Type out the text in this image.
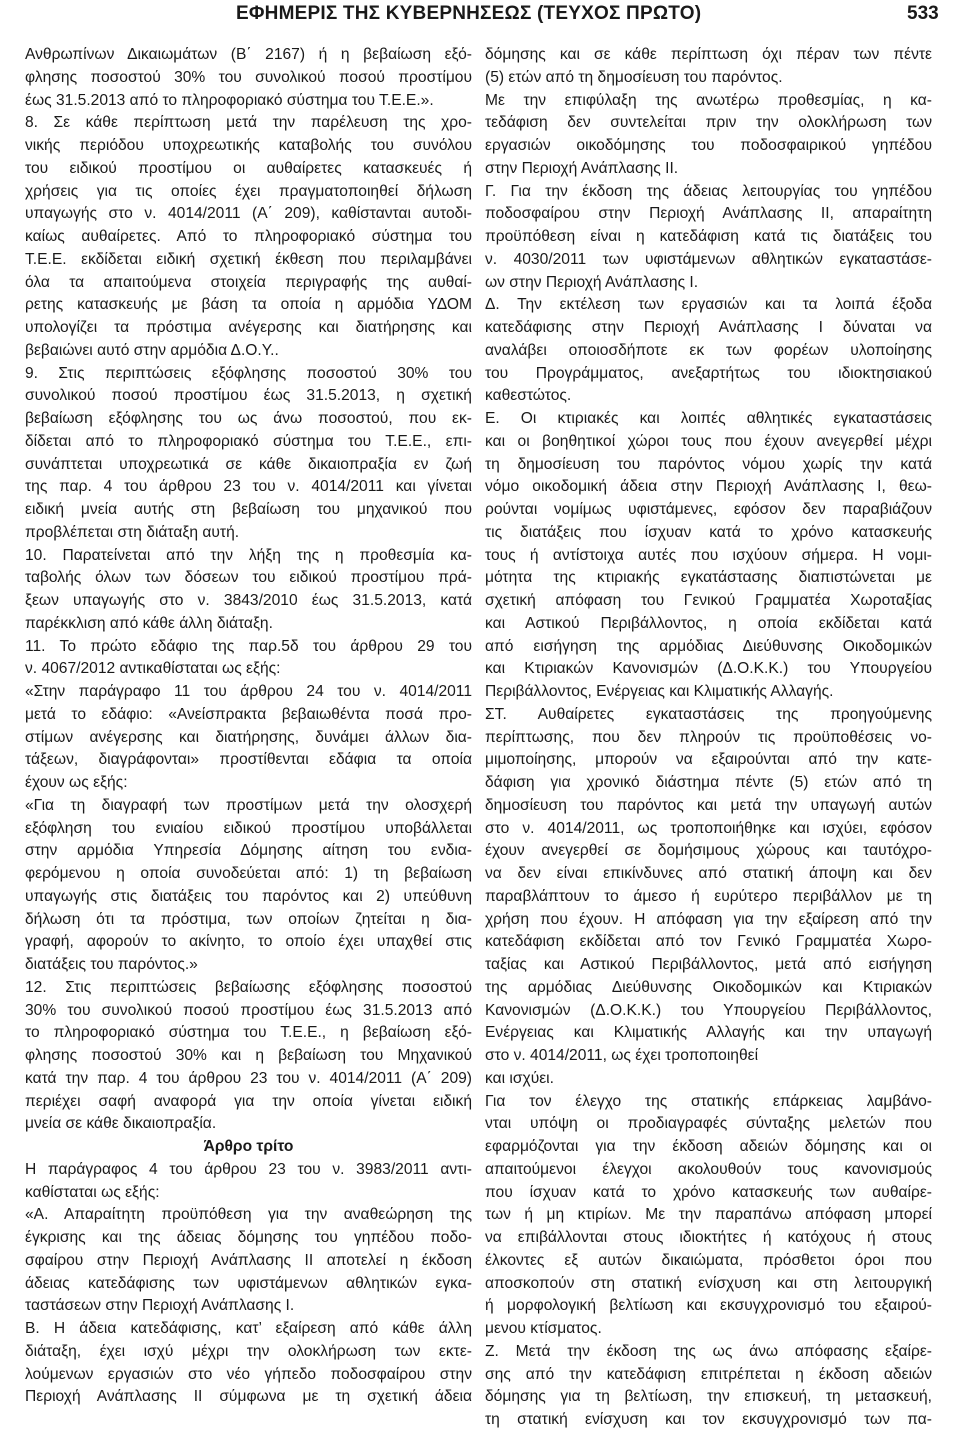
ΕΦΗΜΕΡΙΣ ΤΗΣ ΚΥΒΕΡΝΗΣΕΩΣ (ΤΕΥΧΟΣ ΠΡΩΤΟ)	533
Ανθρωπίνων Δικαιωμάτων (Β΄ 2167) ή η βεβαίωση εξό-
φλησης ποσοστού 30% του συνολικού ποσού προστίμου
έως 31.5.2013 από το πληροφοριακό σύστημα του Τ.Ε.Ε.».
8. Σε κάθε περίπτωση μετά την παρέλευση της χρο-
νικής περιόδου υποχρεωτικής καταβολής του συνόλου
του ειδικού προστίμου οι αυθαίρετες κατασκευές ή
χρήσεις για τις οποίες έχει πραγματοποιηθεί δήλωση
υπαγωγής στο ν. 4014/2011 (Α΄ 209), καθίστανται αυτοδι-
καίως αυθαίρετες. Από το πληροφοριακό σύστημα του
Τ.Ε.Ε. εκδίδεται ειδική σχετική έκθεση που περιλαμβάνει
όλα τα απαιτούμενα στοιχεία περιγραφής της αυθαί-
ρετης κατασκευής με βάση τα οποία η αρμόδια ΥΔΟΜ
υπολογίζει τα πρόστιμα ανέγερσης και διατήρησης και
βεβαιώνει αυτό στην αρμόδια Δ.Ο.Υ..
9. Στις περιπτώσεις εξόφλησης ποσοστού 30% του
συνολικού ποσού προστίμου έως 31.5.2013, η σχετική
βεβαίωση εξόφλησης του ως άνω ποσοστού, που εκ-
δίδεται από το πληροφοριακό σύστημα του Τ.Ε.Ε., επι-
συνάπτεται υποχρεωτικά σε κάθε δικαιοπραξία εν ζωή
της παρ. 4 του άρθρου 23 του ν. 4014/2011 και γίνεται
ειδική μνεία αυτής στη βεβαίωση του μηχανικού που
προβλέπεται στη διάταξη αυτή.
10. Παρατείνεται από την λήξη της η προθεσμία κα-
ταβολής όλων των δόσεων του ειδικού προστίμου πρά-
ξεων υπαγωγής στο ν. 3843/2010 έως 31.5.2013, κατά
παρέκκλιση από κάθε άλλη διάταξη.
11. Το πρώτο εδάφιο της παρ.5δ του άρθρου 29 του
ν. 4067/2012 αντικαθίσταται ως εξής:
«Στην παράγραφο 11 του άρθρου 24 του ν. 4014/2011
μετά το εδάφιο: «Ανείσπρακτα βεβαιωθέντα ποσά προ-
στίμων ανέγερσης και διατήρησης, δυνάμει άλλων δια-
τάξεων, διαγράφονται» προστίθενται εδάφια τα οποία
έχουν ως εξής:
«Για τη διαγραφή των προστίμων μετά την ολοσχερή
εξόφληση του ενιαίου ειδικού προστίμου υποβάλλεται
στην αρμόδια Υπηρεσία Δόμησης αίτηση του ενδια-
φερόμενου η οποία συνοδεύεται από: 1) τη βεβαίωση
υπαγωγής στις διατάξεις του παρόντος και 2) υπεύθυνη
δήλωση ότι τα πρόστιμα, των οποίων ζητείται η δια-
γραφή, αφορούν το ακίνητο, το οποίο έχει υπαχθεί στις
διατάξεις του παρόντος.»
12. Στις περιπτώσεις βεβαίωσης εξόφλησης ποσοστού
30% του συνολικού ποσού προστίμου έως 31.5.2013 από
το πληροφοριακό σύστημα του Τ.Ε.Ε., η βεβαίωση εξό-
φλησης ποσοστού 30% και η βεβαίωση του Μηχανικού
κατά την παρ. 4 του άρθρου 23 του ν. 4014/2011 (Α΄ 209)
περιέχει σαφή αναφορά για την οποία γίνεται ειδική
μνεία σε κάθε δικαιοπραξία.
Άρθρο τρίτο
Η παράγραφος 4 του άρθρου 23 του ν. 3983/2011 αντι-
καθίσταται ως εξής:
«Α. Απαραίτητη προϋπόθεση για την αναθεώρηση της
έγκρισης και της άδειας δόμησης του γηπέδου ποδο-
σφαίρου στην Περιοχή Ανάπλασης ΙΙ αποτελεί η έκδοση
άδειας κατεδάφισης των υφιστάμενων αθλητικών εγκα-
ταστάσεων στην Περιοχή Ανάπλασης Ι.
Β. Η άδεια κατεδάφισης, κατ’ εξαίρεση από κάθε άλλη
διάταξη, έχει ισχύ μέχρι την ολοκλήρωση των εκτε-
λούμενων εργασιών στο νέο γήπεδο ποδοσφαίρου στην
Περιοχή Ανάπλασης ΙΙ σύμφωνα με τη σχετική άδεια
δόμησης και σε κάθε περίπτωση όχι πέραν των πέντε
(5) ετών από τη δημοσίευση του παρόντος.
Με την επιφύλαξη της ανωτέρω προθεσμίας, η κα-
τεδάφιση δεν συντελείται πριν την ολοκλήρωση των
εργασιών οικοδόμησης του ποδοσφαιρικού γηπέδου
στην Περιοχή Ανάπλασης ΙΙ.
Γ. Για την έκδοση της άδειας λειτουργίας του γηπέδου
ποδοσφαίρου στην Περιοχή Ανάπλασης ΙΙ, απαραίτητη
προϋπόθεση είναι η κατεδάφιση κατά τις διατάξεις του
ν. 4030/2011 των υφιστάμενων αθλητικών εγκαταστάσε-
ων στην Περιοχή Ανάπλασης Ι.
Δ. Την εκτέλεση των εργασιών και τα λοιπά έξοδα
κατεδάφισης στην Περιοχή Ανάπλασης Ι δύναται να
αναλάβει οποιοσδήποτε εκ των φορέων υλοποίησης
του Προγράμματος, ανεξαρτήτως του ιδιοκτησιακού
καθεστώτος.
Ε. Οι κτιριακές και λοιπές αθλητικές εγκαταστάσεις
και οι βοηθητικοί χώροι τους που έχουν ανεγερθεί μέχρι
τη δημοσίευση του παρόντος νόμου χωρίς την κατά
νόμο οικοδομική άδεια στην Περιοχή Ανάπλασης Ι, θεω-
ρούνται νομίμως υφιστάμενες, εφόσον δεν παραβιάζουν
τις διατάξεις που ίσχυαν κατά το χρόνο κατασκευής
τους ή αντίστοιχα αυτές που ισχύουν σήμερα. Η νομι-
μότητα της κτιριακής εγκατάστασης διαπιστώνεται με
σχετική απόφαση του Γενικού Γραμματέα Χωροταξίας
και Αστικού Περιβάλλοντος, η οποία εκδίδεται κατά
από εισήγηση της αρμόδιας Διεύθυνσης Οικοδομικών
και Κτιριακών Κανονισμών (Δ.Ο.Κ.Κ.) του Υπουργείου
Περιβάλλοντος, Ενέργειας και Κλιματικής Αλλαγής.
ΣΤ. Αυθαίρετες εγκαταστάσεις της προηγούμενης
περίπτωσης, που δεν πληρούν τις προϋποθέσεις νο-
μιμοποίησης, μπορούν να εξαιρούνται από την κατε-
δάφιση για χρονικό διάστημα πέντε (5) ετών από τη
δημοσίευση του παρόντος και μετά την υπαγωγή αυτών
στο ν. 4014/2011, ως τροποποιήθηκε και ισχύει, εφόσον
έχουν ανεγερθεί σε δομήσιμους χώρους και ταυτόχρο-
να δεν είναι επικίνδυνες από στατική άποψη και δεν
παραβλάπτουν το άμεσο ή ευρύτερο περιβάλλον με τη
χρήση που έχουν. Η απόφαση για την εξαίρεση από την
κατεδάφιση εκδίδεται από τον Γενικό Γραμματέα Χωρο-
ταξίας και Αστικού Περιβάλλοντος, μετά από εισήγηση
της αρμόδιας Διεύθυνσης Οικοδομικών και Κτιριακών
Κανονισμών (Δ.Ο.Κ.Κ.) του Υπουργείου Περιβάλλοντος,
Ενέργειας και Κλιματικής Αλλαγής και την υπαγωγή
στο ν. 4014/2011, ως έχει τροποποιηθεί
και ισχύει.
Για τον έλεγχο της στατικής επάρκειας λαμβάνο-
νται υπόψη οι προδιαγραφές σύνταξης μελετών που
εφαρμόζονται για την έκδοση αδειών δόμησης και οι
απαιτούμενοι έλεγχοι ακολουθούν τους κανονισμούς
που ίσχυαν κατά το χρόνο κατασκευής των αυθαίρε-
των ή μη κτιρίων. Με την παραπάνω απόφαση μπορεί
να επιβάλλονται στους ιδιοκτήτες ή κατόχους ή στους
έλκοντες εξ αυτών δικαιώματα, πρόσθετοι όροι που
αποσκοπούν στη στατική ενίσχυση και στη λειτουργική
ή μορφολογική βελτίωση και εκσυγχρονισμό του εξαιρού-
μενου κτίσματος.
Ζ. Μετά την έκδοση της ως άνω απόφασης εξαίρε-
σης από την κατεδάφιση επιτρέπεται η έκδοση αδειών
δόμησης για τη βελτίωση, την επισκευή, τη μετασκευή,
τη στατική ενίσχυση και τον εκσυγχρονισμό των πα-
